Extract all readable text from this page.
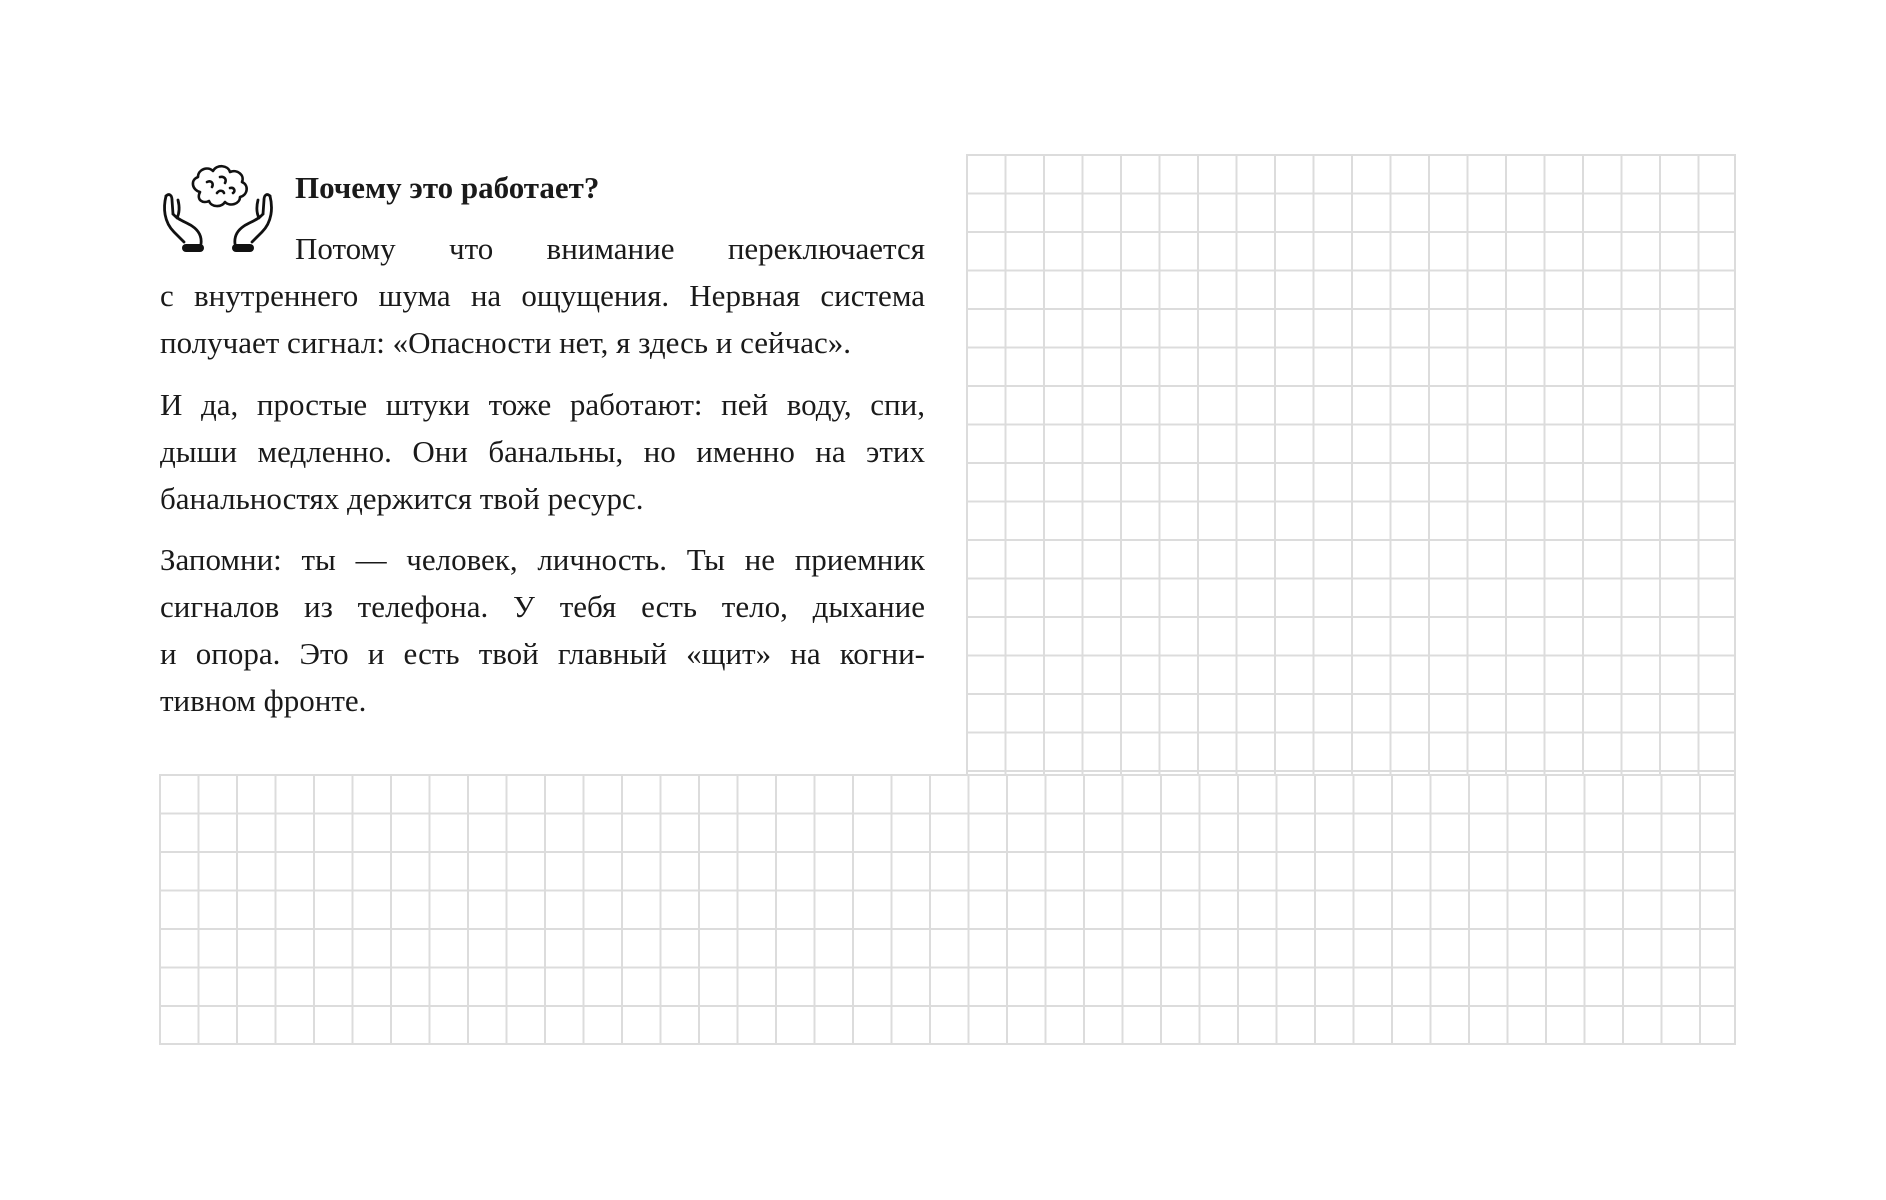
Почему это работает?

Потому что внимание переключается
с внутреннего шума на ощущения. Нервная система
получает сигнал: «Опасности нет, я здесь и сейчас».

И да, простые штуки тоже работают: пей воду, спи,
дыши медленно. Они банальны, но именно на этих
банальностях держится твой ресурс.

Запомни: ты — человек, личность. Ты не приемник
сигналов из телефона. У тебя есть тело, дыхание
и опора. Это и есть твой главный «щит» на когни-
тивном фронте.
